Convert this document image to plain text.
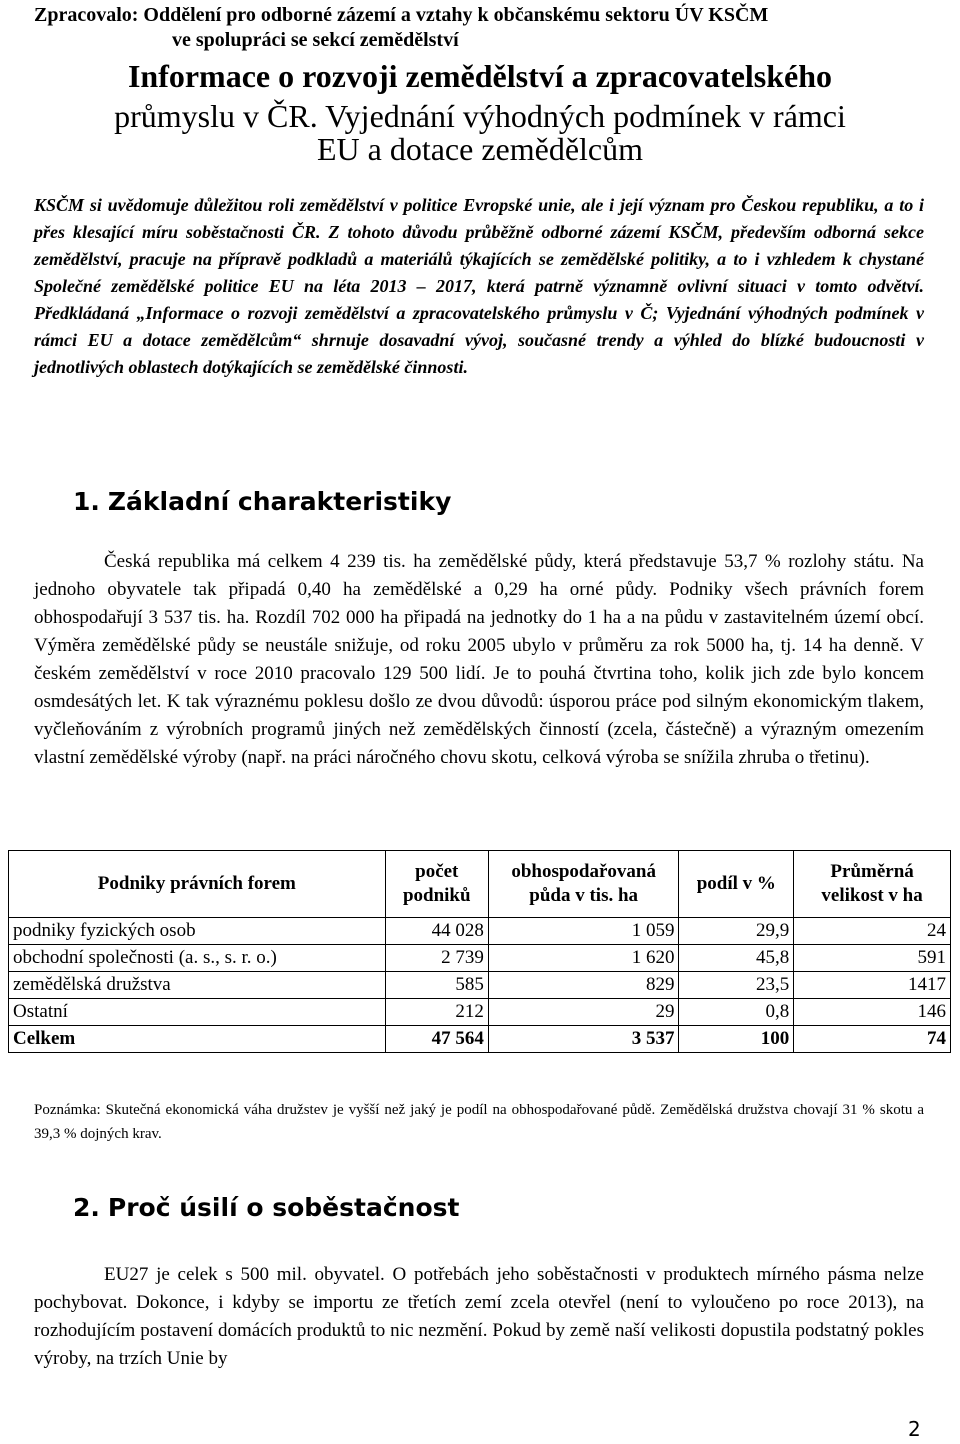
Zpracovalo: Oddělení pro odborné zázemí a vztahy k občanskému sektoru ÚV KSČM
ve spolupráci se sekcí zemědělství
Informace o rozvoji zemědělství a zpracovatelského
průmyslu v ČR. Vyjednání výhodných podmínek v rámci
EU a dotace zemědělcům
KSČM si uvědomuje důležitou roli zemědělství v politice Evropské unie, ale i její význam pro Českou republiku, a to i přes klesající míru soběstačnosti ČR. Z tohoto důvodu průběžně odborné zázemí KSČM, především odborná sekce zemědělství, pracuje na přípravě podkladů a materiálů týkajících se zemědělské politiky, a to i vzhledem k chystané Společné zemědělské politice EU na léta 2013 – 2017, která patrně významně ovlivní situaci v tomto odvětví. Předkládaná „Informace o rozvoji zemědělství a zpracovatelského průmyslu v Č; Vyjednání výhodných podmínek v rámci EU a dotace zemědělcům“ shrnuje dosavadní vývoj, současné trendy a výhled do blízké budoucnosti v jednotlivých oblastech dotýkajících se zemědělské činnosti.
1. Základní charakteristiky
Česká republika má celkem 4 239 tis. ha zemědělské půdy, která představuje 53,7 % rozlohy státu. Na jednoho obyvatele tak připadá 0,40 ha zemědělské a 0,29 ha orné půdy. Podniky všech právních forem obhospodařují 3 537 tis. ha. Rozdíl 702 000 ha připadá na jednotky do 1 ha a na půdu v zastavitelném území obcí. Výměra zemědělské půdy se neustále snižuje, od roku 2005 ubylo v průměru za rok 5000 ha, tj. 14 ha denně. V českém zemědělství v roce 2010 pracovalo 129 500 lidí. Je to pouhá čtvrtina toho, kolik jich zde bylo koncem osmdesátých let. K tak výraznému poklesu došlo ze dvou důvodů: úsporou práce pod silným ekonomickým tlakem, vyčleňováním z výrobních programů jiných než zemědělských činností (zcela, částečně) a výrazným omezením vlastní zemědělské výroby (např. na práci náročného chovu skotu, celková výroba se snížila zhruba o třetinu).
Podniky právních forem	počet podniků	obhospodařovaná půda v tis. ha	podíl v %	Průměrná velikost v ha
podniky fyzických osob	44 028	1 059	29,9	24
obchodní společnosti (a. s., s. r. o.)	2 739	1 620	45,8	591
zemědělská družstva	585	829	23,5	1417
Ostatní	212	29	0,8	146
Celkem	47 564	3 537	100	74
Poznámka: Skutečná ekonomická váha družstev je vyšší než jaký je podíl na obhospodařované půdě. Zemědělská družstva chovají 31 % skotu a 39,3 % dojných krav.
2. Proč úsilí o soběstačnost
EU27 je celek s 500 mil. obyvatel. O potřebách jeho soběstačnosti v produktech mírného pásma nelze pochybovat. Dokonce, i kdyby se importu ze třetích zemí zcela otevřel (není to vyloučeno po roce 2013), na rozhodujícím postavení domácích produktů to nic nezmění. Pokud by země naší velikosti dopustila podstatný pokles výroby, na trzích Unie by
2
